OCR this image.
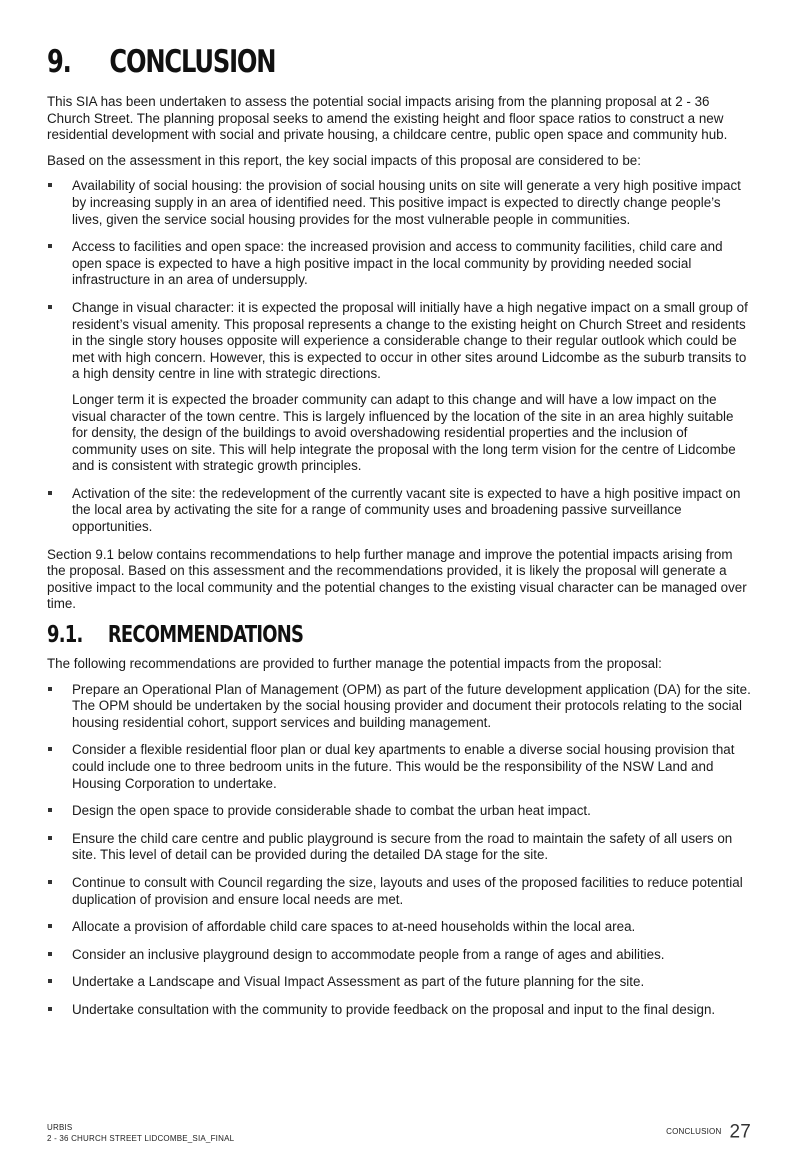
9. CONCLUSION

This SIA has been undertaken to assess the potential social impacts arising from the planning proposal at 2 - 36 Church Street. The planning proposal seeks to amend the existing height and floor space ratios to construct a new residential development with social and private housing, a childcare centre, public open space and community hub.

Based on the assessment in this report, the key social impacts of this proposal are considered to be:

Availability of social housing: the provision of social housing units on site will generate a very high positive impact by increasing supply in an area of identified need. This positive impact is expected to directly change people’s lives, given the service social housing provides for the most vulnerable people in communities.
Access to facilities and open space: the increased provision and access to community facilities, child care and open space is expected to have a high positive impact in the local community by providing needed social infrastructure in an area of undersupply.
Change in visual character: it is expected the proposal will initially have a high negative impact on a small group of resident’s visual amenity. This proposal represents a change to the existing height on Church Street and residents in the single story houses opposite will experience a considerable change to their regular outlook which could be met with high concern. However, this is expected to occur in other sites around Lidcombe as the suburb transits to a high density centre in line with strategic directions.
Longer term it is expected the broader community can adapt to this change and will have a low impact on the visual character of the town centre. This is largely influenced by the location of the site in an area highly suitable for density, the design of the buildings to avoid overshadowing residential properties and the inclusion of community uses on site. This will help integrate the proposal with the long term vision for the centre of Lidcombe and is consistent with strategic growth principles.
Activation of the site: the redevelopment of the currently vacant site is expected to have a high positive impact on the local area by activating the site for a range of community uses and broadening passive surveillance opportunities.

Section 9.1 below contains recommendations to help further manage and improve the potential impacts arising from the proposal. Based on this assessment and the recommendations provided, it is likely the proposal will generate a positive impact to the local community and the potential changes to the existing visual character can be managed over time.

9.1. RECOMMENDATIONS

The following recommendations are provided to further manage the potential impacts from the proposal:

Prepare an Operational Plan of Management (OPM) as part of the future development application (DA) for the site. The OPM should be undertaken by the social housing provider and document their protocols relating to the social housing residential cohort, support services and building management.
Consider a flexible residential floor plan or dual key apartments to enable a diverse social housing provision that could include one to three bedroom units in the future. This would be the responsibility of the NSW Land and Housing Corporation to undertake.
Design the open space to provide considerable shade to combat the urban heat impact.
Ensure the child care centre and public playground is secure from the road to maintain the safety of all users on site. This level of detail can be provided during the detailed DA stage for the site.
Continue to consult with Council regarding the size, layouts and uses of the proposed facilities to reduce potential duplication of provision and ensure local needs are met.
Allocate a provision of affordable child care spaces to at-need households within the local area.
Consider an inclusive playground design to accommodate people from a range of ages and abilities.
Undertake a Landscape and Visual Impact Assessment as part of the future planning for the site.
Undertake consultation with the community to provide feedback on the proposal and input to the final design.
URBIS
2 - 36 CHURCH STREET LIDCOMBE_SIA_FINAL
CONCLUSION 27
